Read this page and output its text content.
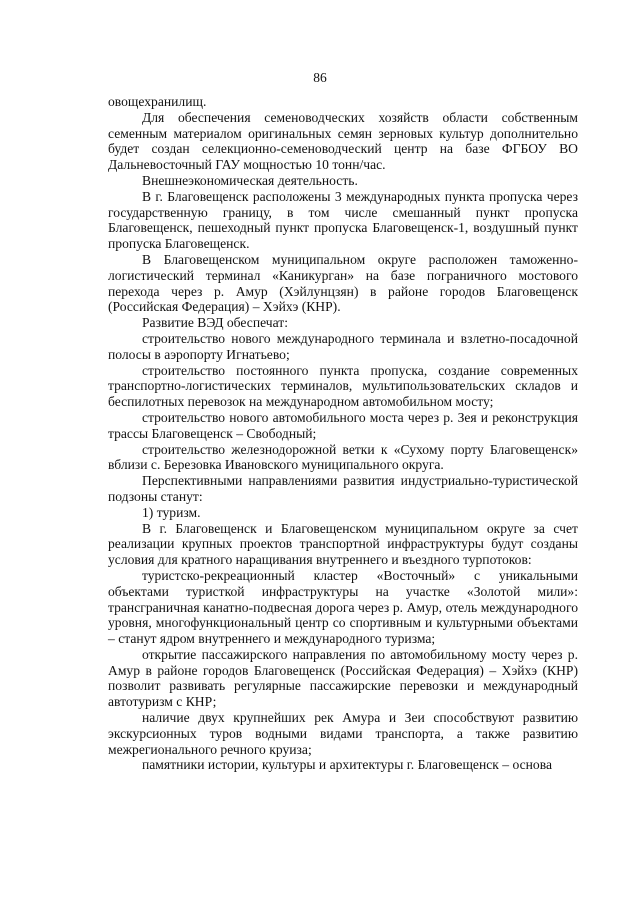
86

овощехранилищ.

Для обеспечения семеноводческих хозяйств области собственным семенным материалом оригинальных семян зерновых культур дополнительно будет создан селекционно-семеноводческий центр на базе ФГБОУ ВО Дальневосточный ГАУ мощностью 10 тонн/час.

Внешнеэкономическая деятельность.

В г. Благовещенск расположены 3 международных пункта пропуска через государственную границу, в том числе смешанный пункт пропуска Благовещенск, пешеходный пункт пропуска Благовещенск-1, воздушный пункт пропуска Благовещенск.

В Благовещенском муниципальном округе расположен таможенно-логистический терминал «Каникурган» на базе пограничного мостового перехода через р. Амур (Хэйлунцзян) в районе городов Благовещенск (Российская Федерация) – Хэйхэ (КНР).

Развитие ВЭД обеспечат:

строительство нового международного терминала и взлетно-посадочной полосы в аэропорту Игнатьево;

строительство постоянного пункта пропуска, создание современных транспортно-логистических терминалов, мультипользовательских складов и беспилотных перевозок на международном автомобильном мосту;

строительство нового автомобильного моста через р. Зея и реконструкция трассы Благовещенск – Свободный;

строительство железнодорожной ветки к «Сухому порту Благовещенск» вблизи с. Березовка Ивановского муниципального округа.

Перспективными направлениями развития индустриально-туристической подзоны станут:

1) туризм.

В г. Благовещенск и Благовещенском муниципальном округе за счет реализации крупных проектов транспортной инфраструктуры будут созданы условия для кратного наращивания внутреннего и въездного турпотоков:

туристско-рекреационный кластер «Восточный» с уникальными объектами туристкой инфраструктуры на участке «Золотой мили»: трансграничная канатно-подвесная дорога через р. Амур, отель международного уровня, многофункциональный центр со спортивным и культурными объектами – станут ядром внутреннего и международного туризма;

открытие пассажирского направления по автомобильному мосту через р. Амур в районе городов Благовещенск (Российская Федерация) – Хэйхэ (КНР) позволит развивать регулярные пассажирские перевозки и международный автотуризм с КНР;

наличие двух крупнейших рек Амура и Зеи способствуют развитию экскурсионных туров водными видами транспорта, а также развитию межрегионального речного круиза;

памятники истории, культуры и архитектуры г. Благовещенск – основа
